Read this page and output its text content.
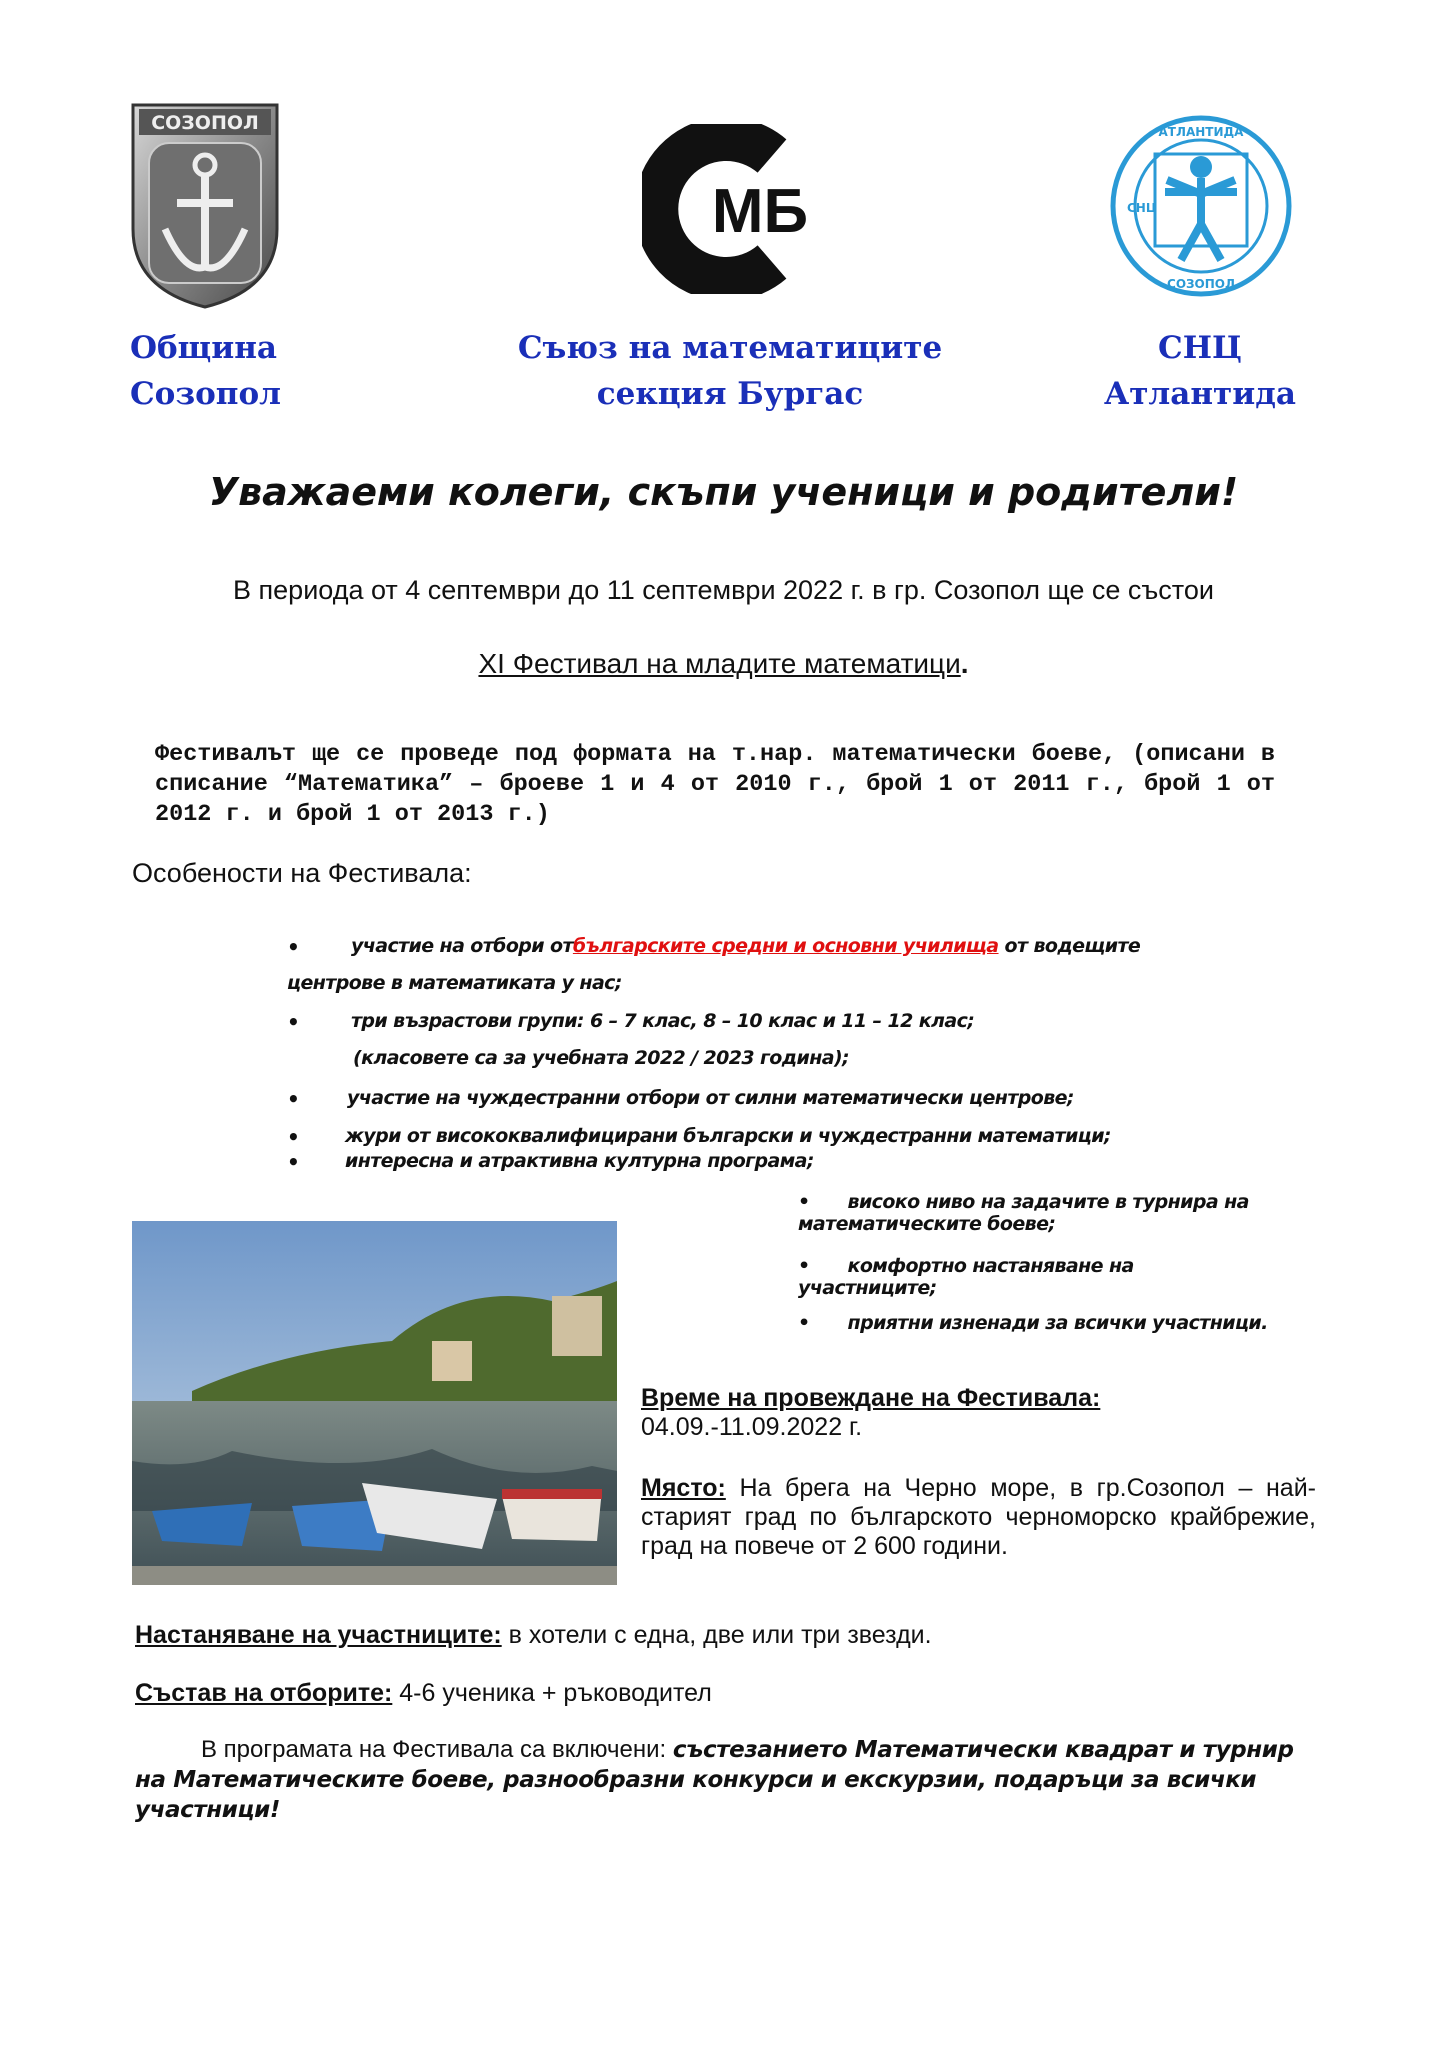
СОЗОПОЛ
МБ
АТЛАНТИДА
СОЗОПОЛ
СНЦ
Община
Созопол
Съюз на математиците
секция Бургас
СНЦ
Атлантида
Уважаеми колеги, скъпи ученици и родители!
В периода от 4 септември до 11 септември 2022 г. в гр. Созопол ще се състои
XI Фестивал на младите математици.
Фестивалът ще се проведе под формата на т.нар. математически боеве, (описани в списание “Математика” – броеве 1 и 4 от 2010 г., брой 1 от 2011 г., брой 1 от 2012 г. и брой 1 от 2013 г.)
Особености на Фестивала:
•	участие на отбори отбългарските средни и основни училища от водещите
центрове в математиката у нас;
•	три възрастови групи: 6 – 7 клас, 8 – 10 клас и 11 – 12 клас;
(класовете са за учебната 2022 / 2023 година);
•	участие на чуждестранни отбори от силни математически центрове;
• жури от висококвалифицирани български и чуждестранни математици;
• интересна и атрактивна културна програма;
• високо ниво на задачите в турнира на
математическите боеве;
• комфортно настаняване на
участниците;
• приятни изненади за всички участници.
Време на провеждане на Фестивала:
04.09.-11.09.2022 г.
Място: На брега на Черно море, в гр.Созопол – най-старият град по българското черноморско крайбрежие, град на повече от 2 600 години.
Настаняване на участниците: в хотели с една, две или три звезди.
Състав на отборите: 4-6 ученика + ръководител
В програмата на Фестивала са включени: състезанието Математически квадрат и турнир на Математическите боеве, разнообразни конкурси и екскурзии, подаръци за всички участници!
